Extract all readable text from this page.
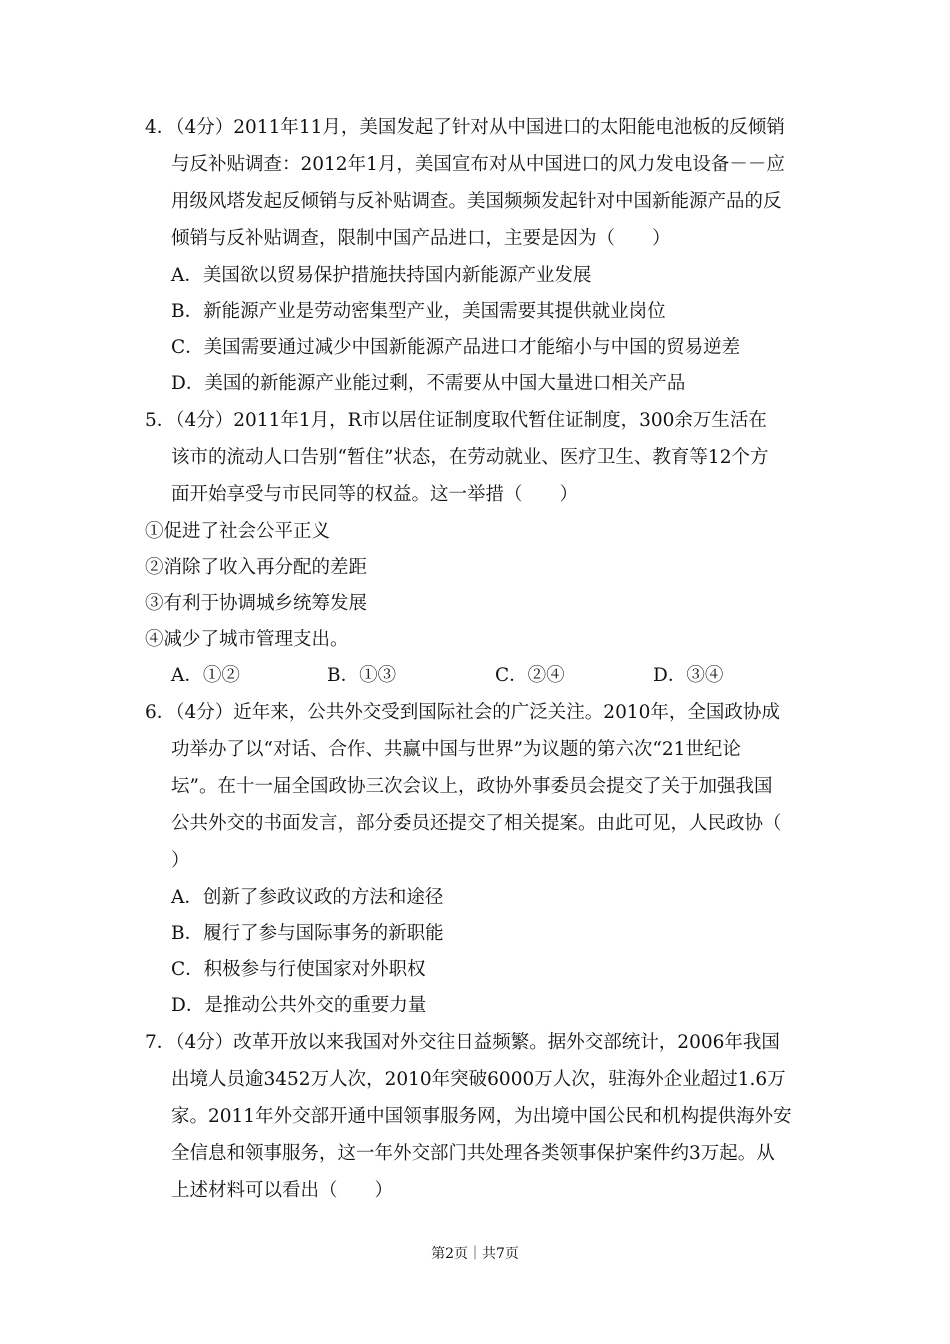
4．（4分）2011年11月，美国发起了针对从中国进口的太阳能电池板的反倾销
与反补贴调查：2012年1月，美国宣布对从中国进口的风力发电设备－－应
用级风塔发起反倾销与反补贴调查。美国频频发起针对中国新能源产品的反
倾销与反补贴调查，限制中国产品进口，主要是因为（　　）
A．美国欲以贸易保护措施扶持国内新能源产业发展
B．新能源产业是劳动密集型产业，美国需要其提供就业岗位
C．美国需要通过减少中国新能源产品进口才能缩小与中国的贸易逆差
D．美国的新能源产业能过剩，不需要从中国大量进口相关产品
5．（4分）2011年1月，R市以居住证制度取代暂住证制度，300余万生活在
该市的流动人口告别“暂住”状态，在劳动就业、医疗卫生、教育等12个方
面开始享受与市民同等的权益。这一举措（　　）
①促进了社会公平正义
②消除了收入再分配的差距
③有利于协调城乡统筹发展
④减少了城市管理支出。
A．①②	B．①③	C．②④	D．③④
6．（4分）近年来，公共外交受到国际社会的广泛关注。2010年，全国政协成
功举办了以“对话、合作、共赢中国与世界”为议题的第六次“21世纪论
坛”。在十一届全国政协三次会议上，政协外事委员会提交了关于加强我国
公共外交的书面发言，部分委员还提交了相关提案。由此可见，人民政协（
）
A．创新了参政议政的方法和途径
B．履行了参与国际事务的新职能
C．积极参与行使国家对外职权
D．是推动公共外交的重要力量
7．（4分）改革开放以来我国对外交往日益频繁。据外交部统计，2006年我国
出境人员逾3452万人次，2010年突破6000万人次，驻海外企业超过1.6万
家。2011年外交部开通中国领事服务网，为出境中国公民和机构提供海外安
全信息和领事服务，这一年外交部门共处理各类领事保护案件约3万起。从
上述材料可以看出（　　）
第2页｜共7页
